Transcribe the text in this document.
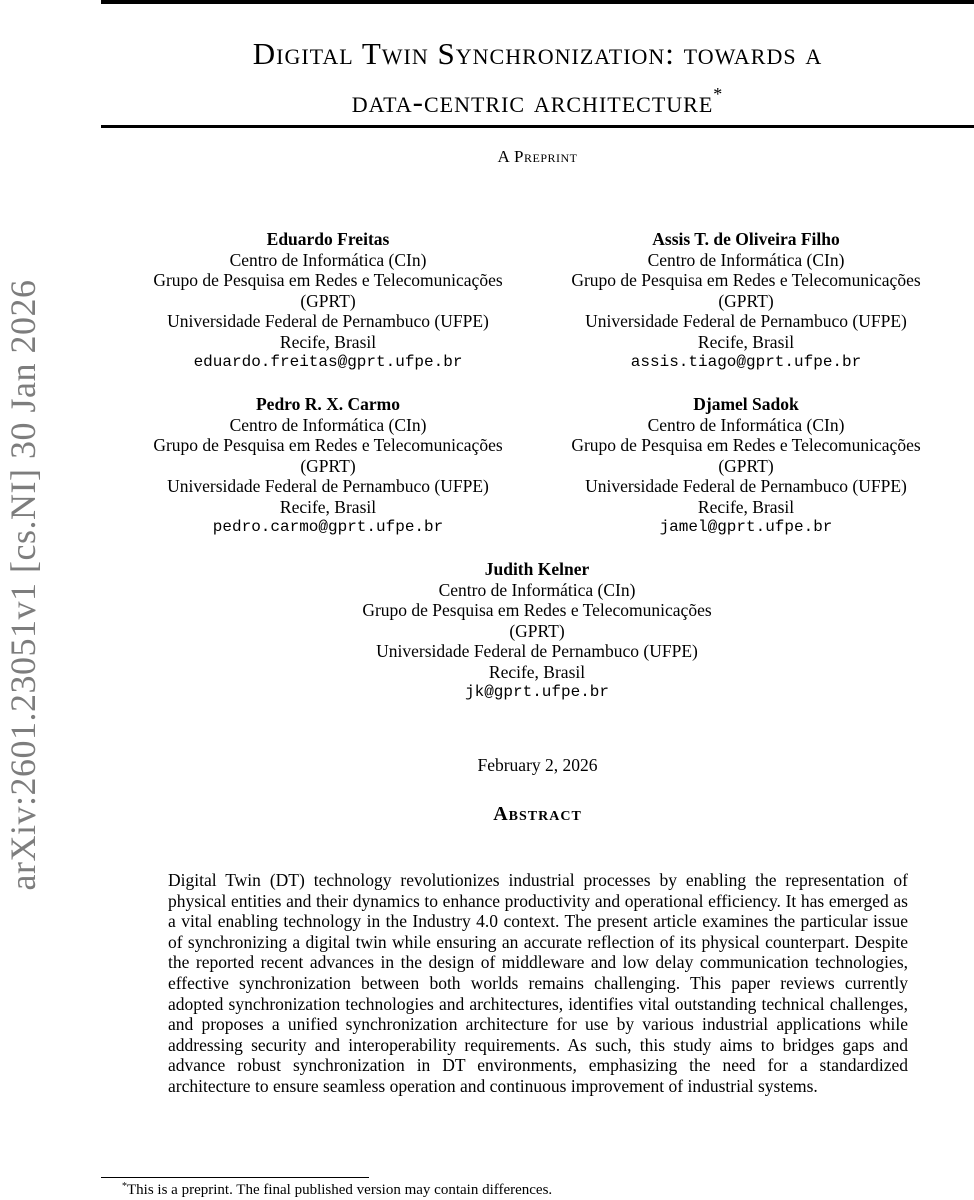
Digital Twin Synchronization: towards a
data-centric architecture*
A Preprint
arXiv:2601.23051v1 [cs.NI] 30 Jan 2026
Eduardo Freitas
Centro de Informática (CIn)
Grupo de Pesquisa em Redes e Telecomunicações
(GPRT)
Universidade Federal de Pernambuco (UFPE)
Recife, Brasil
eduardo.freitas@gprt.ufpe.br
Assis T. de Oliveira Filho
Centro de Informática (CIn)
Grupo de Pesquisa em Redes e Telecomunicações
(GPRT)
Universidade Federal de Pernambuco (UFPE)
Recife, Brasil
assis.tiago@gprt.ufpe.br
Pedro R. X. Carmo
Centro de Informática (CIn)
Grupo de Pesquisa em Redes e Telecomunicações
(GPRT)
Universidade Federal de Pernambuco (UFPE)
Recife, Brasil
pedro.carmo@gprt.ufpe.br
Djamel Sadok
Centro de Informática (CIn)
Grupo de Pesquisa em Redes e Telecomunicações
(GPRT)
Universidade Federal de Pernambuco (UFPE)
Recife, Brasil
jamel@gprt.ufpe.br
Judith Kelner
Centro de Informática (CIn)
Grupo de Pesquisa em Redes e Telecomunicações
(GPRT)
Universidade Federal de Pernambuco (UFPE)
Recife, Brasil
jk@gprt.ufpe.br
February 2, 2026
Abstract
Digital Twin (DT) technology revolutionizes industrial processes by enabling the representation of physical entities and their dynamics to enhance productivity and operational efficiency. It has emerged as a vital enabling technology in the Industry 4.0 context. The present article examines the particular issue of synchronizing a digital twin while ensuring an accurate reflection of its physical counterpart. Despite the reported recent advances in the design of middleware and low delay communication technologies, effective synchronization between both worlds remains challenging. This paper reviews currently adopted synchronization technologies and architectures, identifies vital outstanding technical challenges, and proposes a unified synchronization architecture for use by various industrial applications while addressing security and interoperability requirements. As such, this study aims to bridges gaps and advance robust synchronization in DT environments, emphasizing the need for a standardized architecture to ensure seamless operation and continuous improvement of industrial systems.
*This is a preprint. The final published version may contain differences.
